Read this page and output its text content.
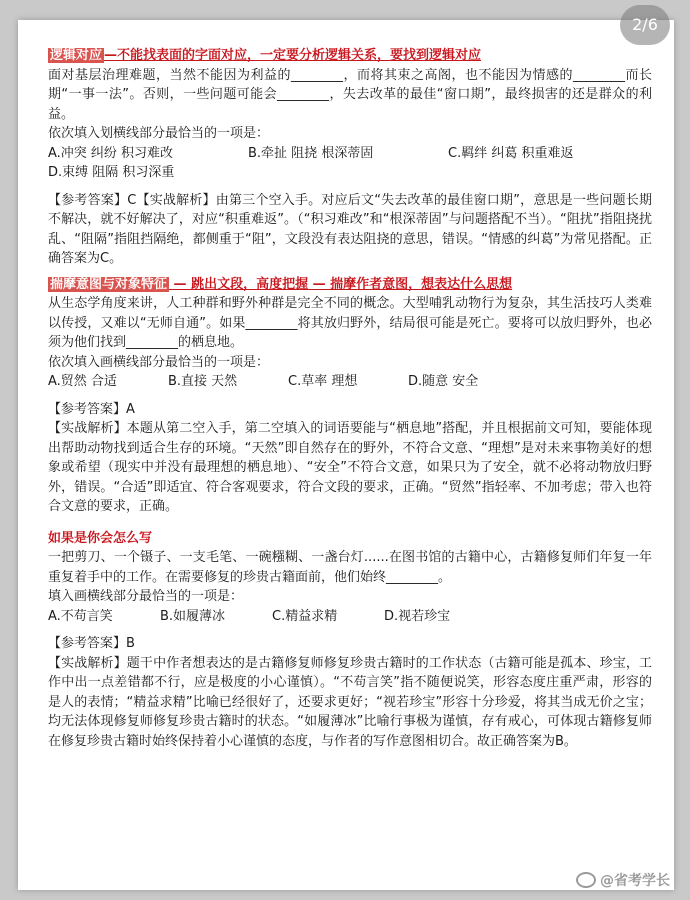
逻辑对应 —不能找表面的字面对应，一定要分析逻辑关系，要找到逻辑对应

面对基层治理难题，当然不能因为利益的________，而将其束之高阁，也不能因为情感的________而长期“一事一法”。否则，一些问题可能会________，失去改革的最佳“窗口期”，最终损害的还是群众的利益。

依次填入划横线部分最恰当的一项是：

A.冲突 纠纷 积习难改	B.牵扯 阻挠 根深蒂固	C.羁绊 纠葛 积重难返
D.束缚 阻隔 积习深重

【参考答案】C【实战解析】由第三个空入手。对应后文“失去改革的最佳窗口期”，意思是一些问题长期不解决，就不好解决了，对应“积重难返”。（“积习难改”和“根深蒂固”与问题搭配不当）。“阻扰”指阻挠扰乱、“阻隔”指阻挡隔绝，都侧重于“阻”，文段没有表达阻挠的意思，错误。“情感的纠葛”为常见搭配。正确答案为C。

揣摩意图与对象特征 — 跳出文段，高度把握 — 揣摩作者意图，想表达什么思想

从生态学角度来讲，人工种群和野外种群是完全不同的概念。大型哺乳动物行为复杂，其生活技巧人类难以传授，又难以“无师自通”。如果________将其放归野外，结局很可能是死亡。要将可以放归野外，也必须为他们找到________的栖息地。

依次填入画横线部分最恰当的一项是：

A.贸然 合适	B.直接 天然	C.草率 理想	D.随意 安全

【参考答案】A

【实战解析】本题从第二空入手，第二空填入的词语要能与“栖息地”搭配，并且根据前文可知，要能体现出帮助动物找到适合生存的环境。“天然”即自然存在的野外，不符合文意、“理想”是对未来事物美好的想象或希望（现实中并没有最理想的栖息地）、“安全”不符合文意，如果只为了安全，就不必将动物放归野外，错误。“合适”即适宜、符合客观要求，符合文段的要求，正确。“贸然”指轻率、不加考虑；带入也符合文意的要求，正确。

如果是你会怎么写

一把剪刀、一个镊子、一支毛笔、一碗糨糊、一盏台灯......在图书馆的古籍中心，古籍修复师们年复一年重复着手中的工作。在需要修复的珍贵古籍面前，他们始终________。

填入画横线部分最恰当的一项是：

A.不苟言笑	B.如履薄冰	C.精益求精	D.视若珍宝

【参考答案】B

【实战解析】题干中作者想表达的是古籍修复师修复珍贵古籍时的工作状态（古籍可能是孤本、珍宝，工作中出一点差错都不行，应是极度的小心谨慎）。“不苟言笑”指不随便说笑，形容态度庄重严肃，形容的是人的表情；“精益求精”比喻已经很好了，还要求更好；“视若珍宝”形容十分珍爱，将其当成无价之宝；均无法体现修复师修复珍贵古籍时的状态。“如履薄冰”比喻行事极为谨慎，存有戒心，可体现古籍修复师在修复珍贵古籍时始终保持着小心谨慎的态度，与作者的写作意图相切合。故正确答案为B。

2/6
@省考学长
